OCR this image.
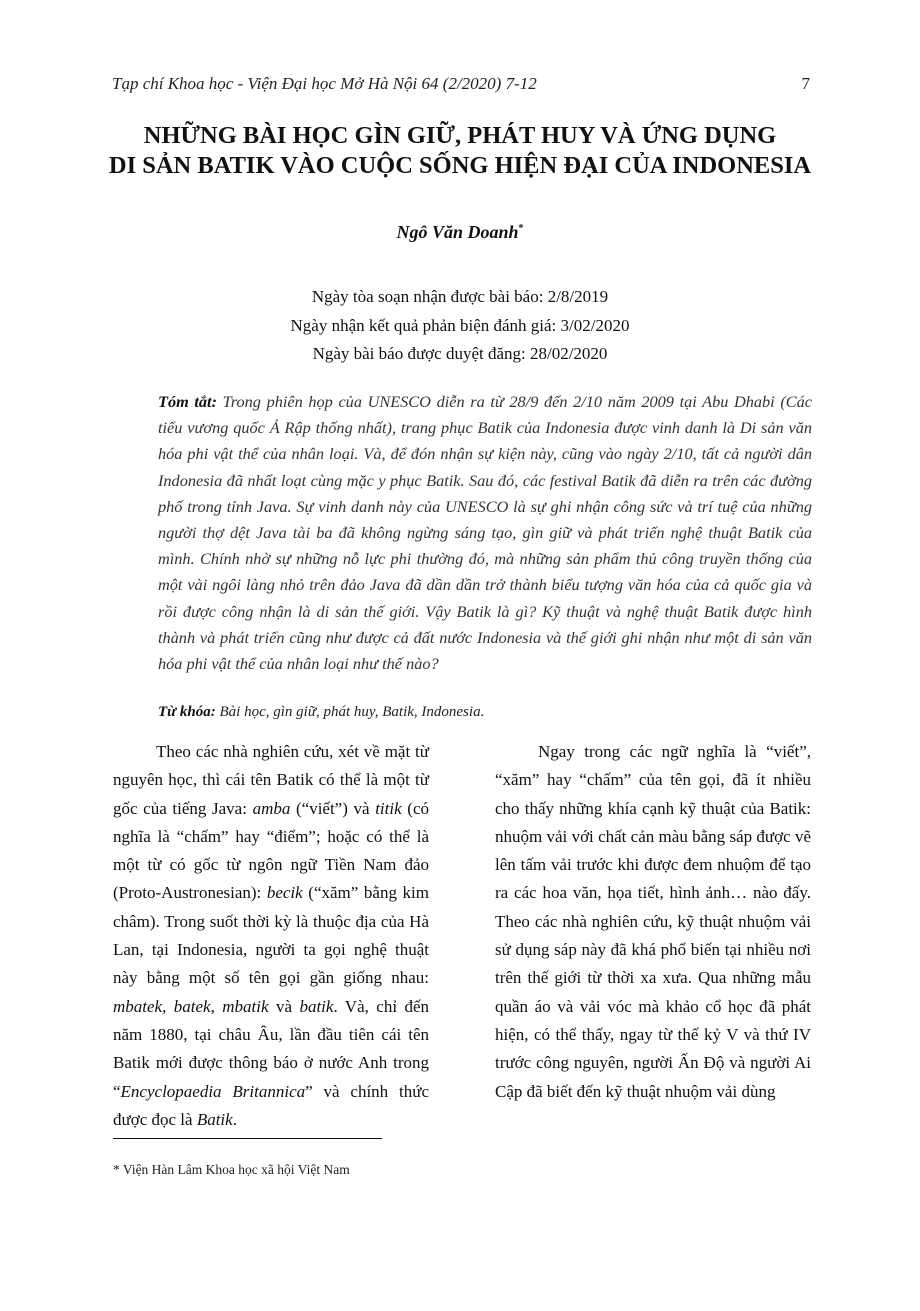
Tạp chí Khoa học - Viện Đại học Mở Hà Nội 64 (2/2020) 7-12	7
NHỮNG BÀI HỌC GÌN GIỮ, PHÁT HUY VÀ ỨNG DỤNG
DI SẢN BATIK VÀO CUỘC SỐNG HIỆN ĐẠI CỦA INDONESIA
Ngô Văn Doanh*
Ngày tòa soạn nhận được bài báo: 2/8/2019
Ngày nhận kết quả phản biện đánh giá: 3/02/2020
Ngày bài báo được duyệt đăng: 28/02/2020
Tóm tắt: Trong phiên họp của UNESCO diễn ra từ 28/9 đến 2/10 năm 2009 tại Abu Dhabi (Các tiểu vương quốc Ả Rập thống nhất), trang phục Batik của Indonesia được vinh danh là Di sản văn hóa phi vật thể của nhân loại. Và, để đón nhận sự kiện này, cũng vào ngày 2/10, tất cả người dân Indonesia đã nhất loạt cùng mặc y phục Batik. Sau đó, các festival Batik đã diễn ra trên các đường phố trong tỉnh Java. Sự vinh danh này của UNESCO là sự ghi nhận công sức và trí tuệ của những người thợ dệt Java tài ba đã không ngừng sáng tạo, gìn giữ và phát triển nghệ thuật Batik của mình. Chính nhờ sự những nỗ lực phi thường đó, mà những sản phẩm thủ công truyền thống của một vài ngôi làng nhỏ trên đảo Java đã dần dần trở thành biểu tượng văn hóa của cả quốc gia và rồi được công nhận là di sản thế giới. Vậy Batik là gì? Kỹ thuật và nghệ thuật Batik được hình thành và phát triển cũng như được cả đất nước Indonesia và thế giới ghi nhận như một di sản văn hóa phi vật thể của nhân loại như thế nào?
Từ khóa: Bài học, gìn giữ, phát huy, Batik, Indonesia.

Theo các nhà nghiên cứu, xét về mặt từ nguyên học, thì cái tên Batik có thể là một từ gốc của tiếng Java: amba (“viết”) và titik (có nghĩa là “chấm” hay “điểm”; hoặc có thể là một từ có gốc từ ngôn ngữ Tiền Nam đảo (Proto-Austronesian): becik (“xăm” bằng kim châm). Trong suốt thời kỳ là thuộc địa của Hà Lan, tại Indonesia, người ta gọi nghệ thuật này bằng một số tên gọi gần giống nhau: mbatek, batek, mbatik và batik. Và, chỉ đến năm 1880, tại châu Âu, lần đầu tiên cái tên Batik mới được thông báo ở nước Anh trong “Encyclopaedia Britannica” và chính thức được đọc là Batik.

Ngay trong các ngữ nghĩa là “viết”, “xăm” hay “chấm” của tên gọi, đã ít nhiều cho thấy những khía cạnh kỹ thuật của Batik: nhuộm vải với chất cản màu bằng sáp được vẽ lên tấm vải trước khi được đem nhuộm để tạo ra các hoa văn, họa tiết, hình ảnh… nào đấy. Theo các nhà nghiên cứu, kỹ thuật nhuộm vải sử dụng sáp này đã khá phổ biến tại nhiều nơi trên thế giới từ thời xa xưa. Qua những mẫu quần áo và vải vóc mà khảo cổ học đã phát hiện, có thể thấy, ngay từ thế kỷ V và thứ IV trước công nguyên, người Ấn Độ và người Ai Cập đã biết đến kỹ thuật nhuộm vải dùng

* Viện Hàn Lâm Khoa học xã hội Việt Nam
